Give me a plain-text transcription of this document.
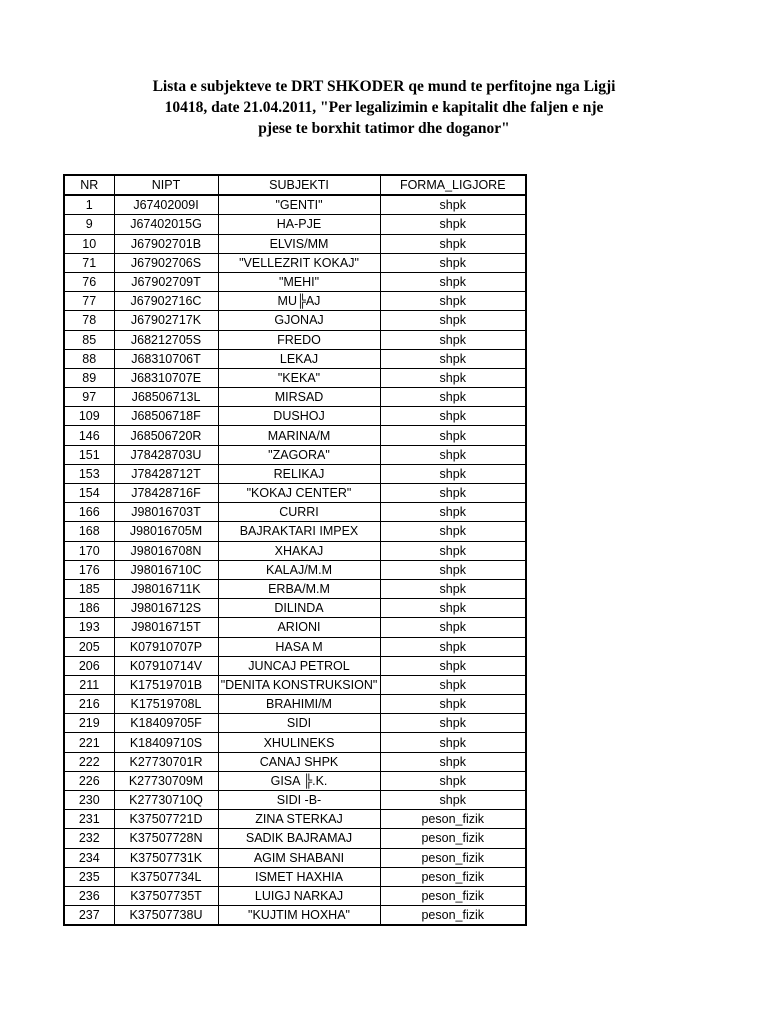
Lista e subjekteve te DRT SHKODER qe mund te perfitojne nga Ligji
10418, date 21.04.2011, "Per legalizimin e kapitalit dhe faljen e nje
pjese te borxhit tatimor dhe doganor"
NR	NIPT	SUBJEKTI	FORMA_LIGJORE
1	J67402009I	"GENTI"	shpk
9	J67402015G	HA-PJE	shpk
10	J67902701B	ELVIS/MM	shpk
71	J67902706S	"VELLEZRIT KOKAJ"	shpk
76	J67902709T	"MEHI"	shpk
77	J67902716C	MU╠AJ	shpk
78	J67902717K	GJONAJ	shpk
85	J68212705S	FREDO	shpk
88	J68310706T	LEKAJ	shpk
89	J68310707E	"KEKA"	shpk
97	J68506713L	MIRSAD	shpk
109	J68506718F	DUSHOJ	shpk
146	J68506720R	MARINA/M	shpk
151	J78428703U	"ZAGORA"	shpk
153	J78428712T	RELIKAJ	shpk
154	J78428716F	"KOKAJ CENTER"	shpk
166	J98016703T	CURRI	shpk
168	J98016705M	BAJRAKTARI IMPEX	shpk
170	J98016708N	XHAKAJ	shpk
176	J98016710C	KALAJ/M.M	shpk
185	J98016711K	ERBA/M.M	shpk
186	J98016712S	DILINDA	shpk
193	J98016715T	ARIONI	shpk
205	K07910707P	HASA M	shpk
206	K07910714V	JUNCAJ PETROL	shpk
211	K17519701B	"DENITA KONSTRUKSION"	shpk
216	K17519708L	BRAHIMI/M	shpk
219	K18409705F	SIDI	shpk
221	K18409710S	XHULINEKS	shpk
222	K27730701R	CANAJ SHPK	shpk
226	K27730709M	GISA ╠.K.	shpk
230	K27730710Q	SIDI -B-	shpk
231	K37507721D	ZINA STERKAJ	peson_fizik
232	K37507728N	SADIK BAJRAMAJ	peson_fizik
234	K37507731K	AGIM SHABANI	peson_fizik
235	K37507734L	ISMET HAXHIA	peson_fizik
236	K37507735T	LUIGJ NARKAJ	peson_fizik
237	K37507738U	"KUJTIM HOXHA"	peson_fizik
